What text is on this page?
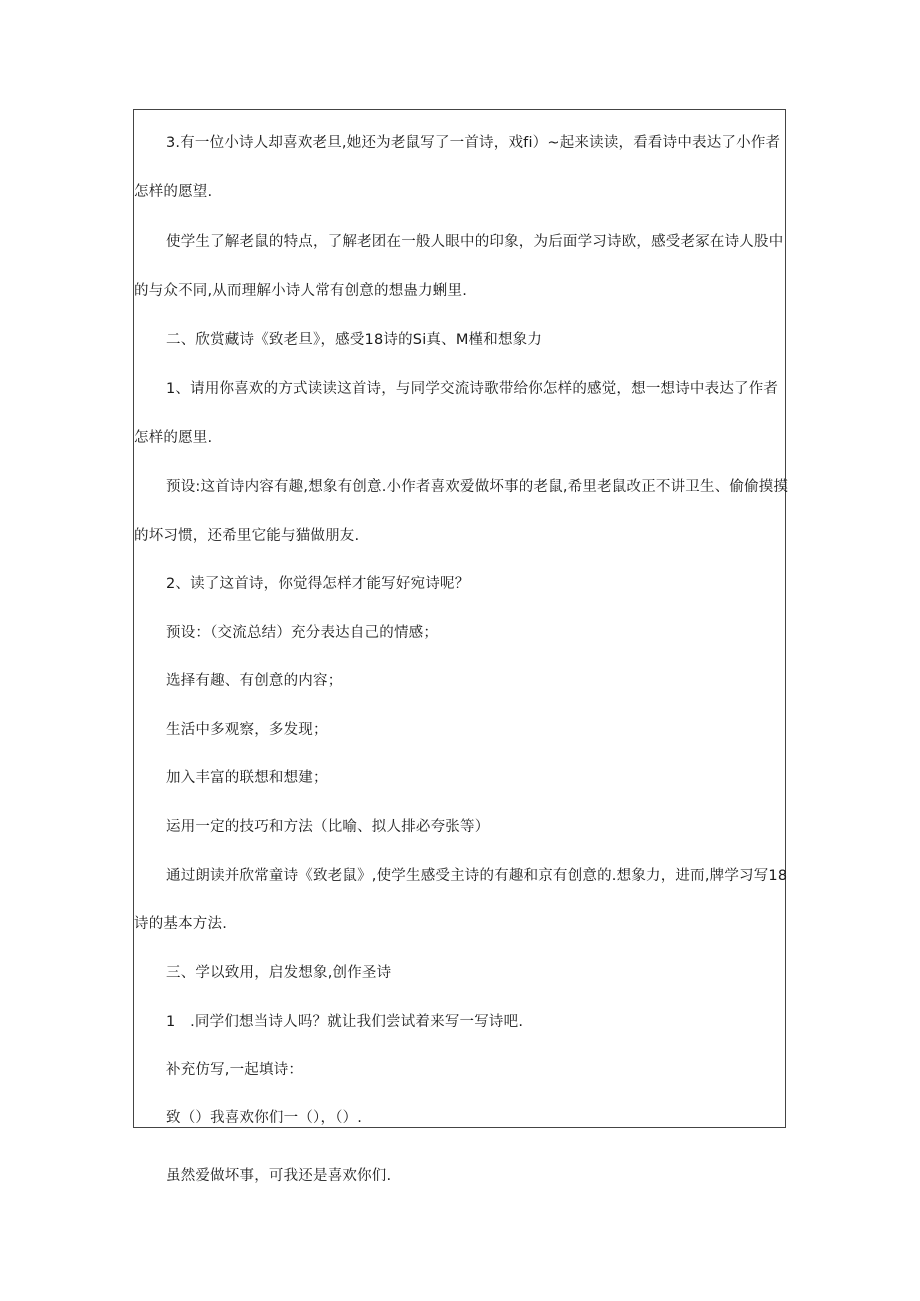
3.有一位小诗人却喜欢老旦,她还为老鼠写了一首诗，戏fi）~起来读读，看看诗中表达了小作者
怎样的愿望.
使学生了解老鼠的特点，了解老团在一般人眼中的印象，为后面学习诗欧，感受老冢在诗人股中
的与众不同,从而理解小诗人常有创意的想蛊力蜊里.
二、欣赏藏诗《致老旦》，感受18诗的Si真、M槿和想象力
1、请用你喜欢的方式读读这首诗，与同学交流诗歌带给你怎样的感觉，想一想诗中表达了作者
怎样的愿里.
预设:这首诗内容有趣,想象有创意.小作者喜欢爱做坏事的老鼠,希里老鼠改正不讲卫生、偷偷摸摸
的坏习惯，还希里它能与猫做朋友.
2、读了这首诗，你觉得怎样才能写好宛诗呢？
预设：（交流总结）充分表达自己的情感；
选择有趣、有创意的内容；
生活中多观察，多发现；
加入丰富的联想和想建；
运用一定的技巧和方法（比喻、拟人排必夸张等）
通过朗读并欣常童诗《致老鼠》,使学生感受主诗的有趣和京有创意的.想象力，进而,牌学习写18
诗的基本方法.
三、学以致用，启发想象,创作圣诗
1　.同学们想当诗人吗？就让我们尝试着来写一写诗吧.
补充仿写,一起填诗：
致（）我喜欢你们一（），（）.
虽然爱做坏事，可我还是喜欢你们.
